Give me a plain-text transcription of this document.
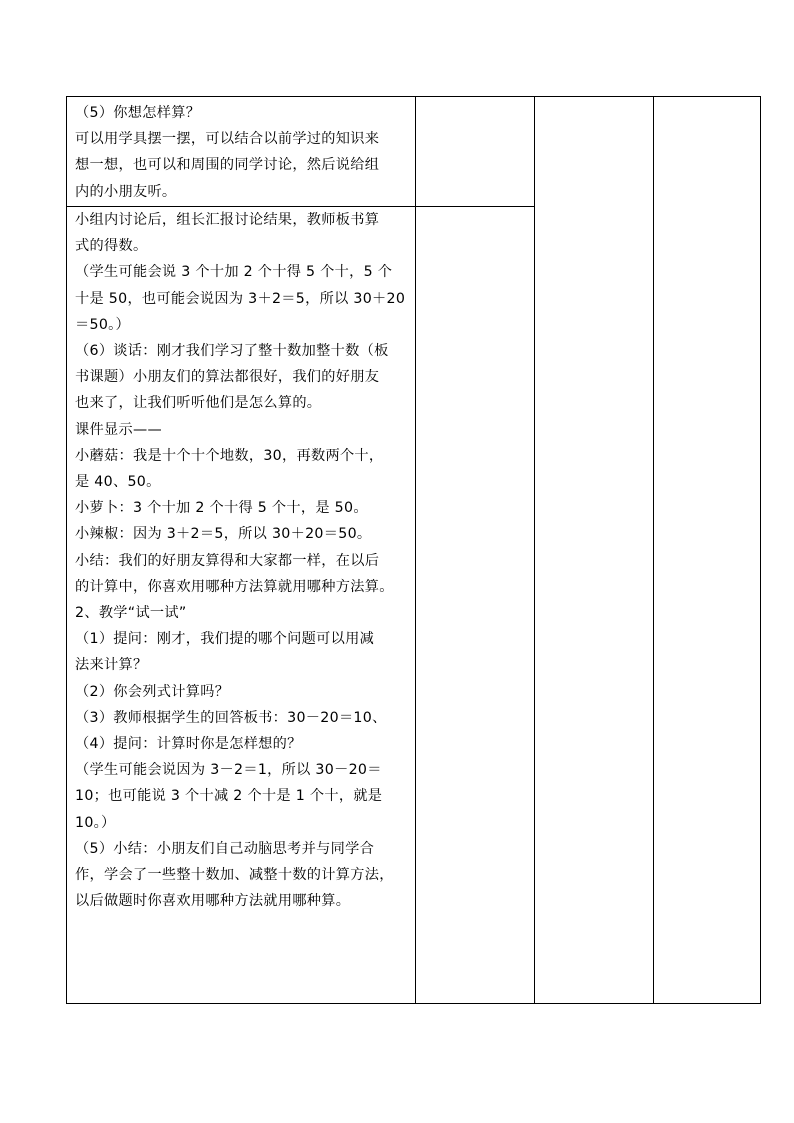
（5）你想怎样算？

可以用学具摆一摆，可以结合以前学过的知识来

想一想，也可以和周围的同学讨论，然后说给组

内的小朋友听。

小组内讨论后，组长汇报讨论结果，教师板书算

式的得数。

（学生可能会说 3 个十加 2 个十得 5 个十，5 个

十是 50，也可能会说因为 3＋2＝5，所以 30＋20

＝50。）

（6）谈话：刚才我们学习了整十数加整十数（板

书课题）小朋友们的算法都很好，我们的好朋友

也来了，让我们听听他们是怎么算的。

课件显示——

小蘑菇：我是十个十个地数，30，再数两个十，

是 40、50。

小萝卜：3 个十加 2 个十得 5 个十，是 50。

小辣椒：因为 3＋2＝5，所以 30＋20＝50。

小结：我们的好朋友算得和大家都一样，在以后

的计算中，你喜欢用哪种方法算就用哪种方法算。

2、教学“试一试”

（1）提问：刚才，我们提的哪个问题可以用减

法来计算？

（2）你会列式计算吗？

（3）教师根据学生的回答板书：30－20＝10、

（4）提问：计算时你是怎样想的？

（学生可能会说因为 3－2＝1，所以 30－20＝

10；也可能说 3 个十减 2 个十是 1 个十，就是

10。）

（5）小结：小朋友们自己动脑思考并与同学合

作，学会了一些整十数加、减整十数的计算方法，

以后做题时你喜欢用哪种方法就用哪种算。
